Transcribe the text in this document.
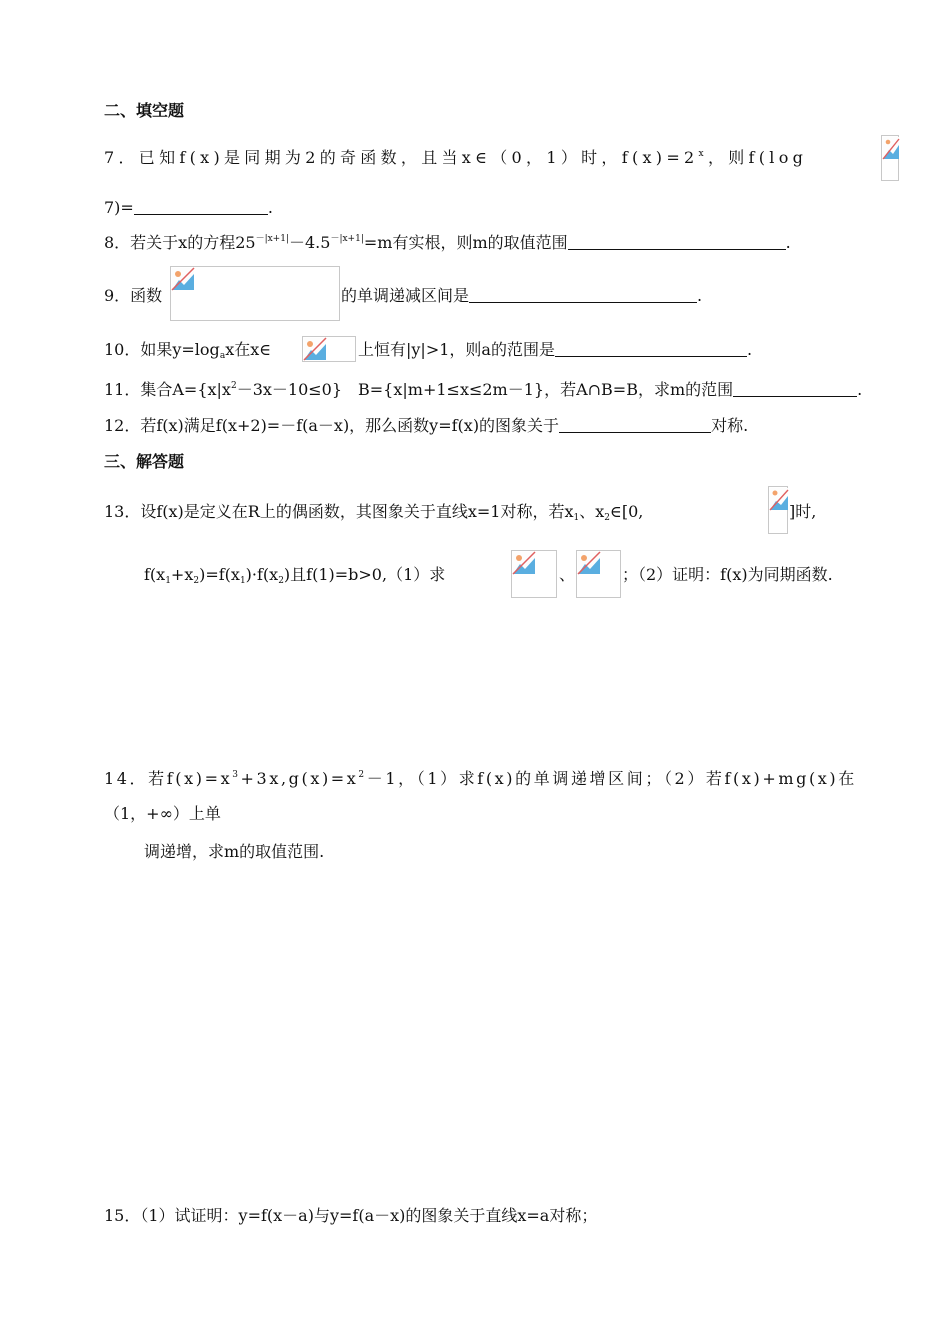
二、填空题
7．已知f(x)是同期为2的奇函数，且当x∈（0，1）时，$f(x)=2^x$，则f(log
7)=	.
8．若关于x的方程$25^{-|x+1|}-4.5^{-|x+1|}=m$有实根，则m的取值范围	.
9．函数	的单调递减区间是	.
10．如果$y=\log_ax$在x∈	上恒有|y|>1，则a的范围是	.
11．集合$A=\{x|x^2-3x-10\le 0\}$　B={x|m+1≤x≤2m－1}，若A∩B=B，求m的范围	.
12．若f(x)满足f(x+2)=－f(a－x)，那么函数y=f(x)的图象关于	对称.
三、解答题
13．设f(x)是定义在R上的偶函数，其图象关于直线x=1对称，若$x_1$、$x_2\in[0$,	]时,
$f(x_1+x_2)=f(x_1)\cdot f(x_2)$且f(1)=b>0,（1）求	、	；（2）证明：f(x)为同期函数.
14．若$f(x)=x^3+3x,g(x)=x^2-1$，（1）求f(x)的单调递增区间；（2）若f(x)+mg(x)在
（1，+∞）上单
调递增，求m的取值范围.
15．（1）试证明：y=f(x－a)与y=f(a－x)的图象关于直线x=a对称；
